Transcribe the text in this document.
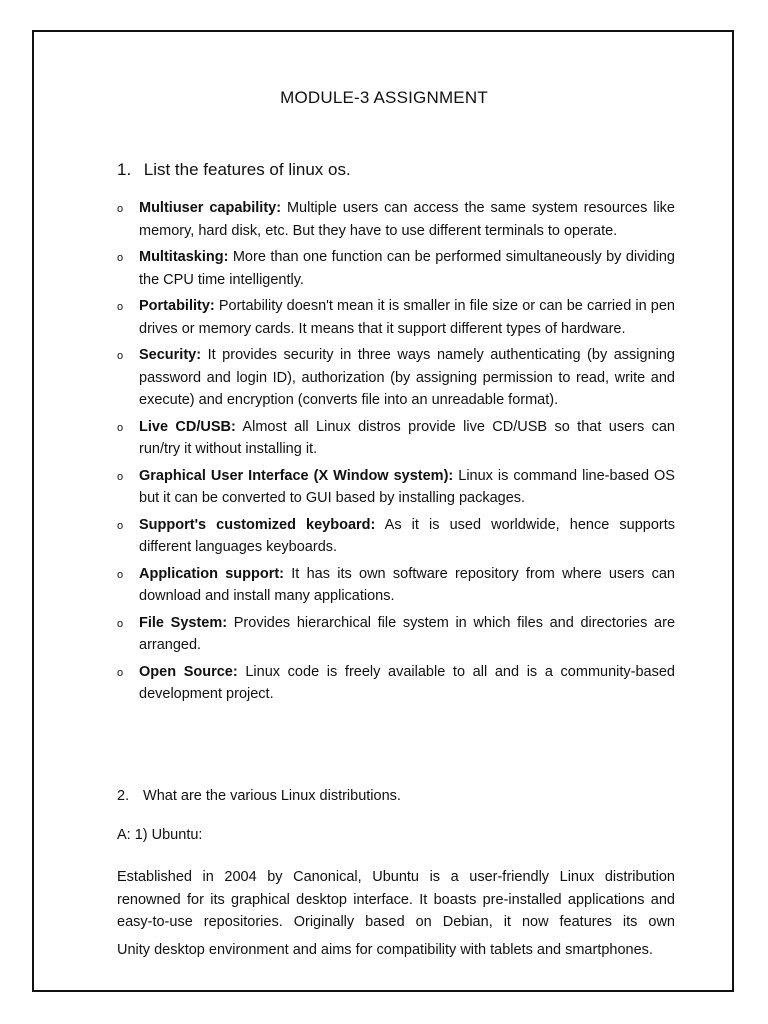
MODULE-3 ASSIGNMENT
1. List the features of linux os.
o Multiuser capability: Multiple users can access the same system resources like memory, hard disk, etc. But they have to use different terminals to operate.
o Multitasking: More than one function can be performed simultaneously by dividing the CPU time intelligently.
o Portability: Portability doesn't mean it is smaller in file size or can be carried in pen drives or memory cards. It means that it support different types of hardware.
o Security: It provides security in three ways namely authenticating (by assigning password and login ID), authorization (by assigning permission to read, write and execute) and encryption (converts file into an unreadable format).
o Live CD/USB: Almost all Linux distros provide live CD/USB so that users can run/try it without installing it.
o Graphical User Interface (X Window system): Linux is command line-based OS but it can be converted to GUI based by installing packages.
o Support's customized keyboard: As it is used worldwide, hence supports different languages keyboards.
o Application support: It has its own software repository from where users can download and install many applications.
o File System: Provides hierarchical file system in which files and directories are arranged.
o Open Source: Linux code is freely available to all and is a community-based development project.
2. What are the various Linux distributions.
A: 1) Ubuntu:

Established in 2004 by Canonical, Ubuntu is a user-friendly Linux distribution renowned for its graphical desktop interface. It boasts pre-installed applications and easy-to-use repositories. Originally based on Debian, it now features its own

Unity desktop environment and aims for compatibility with tablets and smartphones.
